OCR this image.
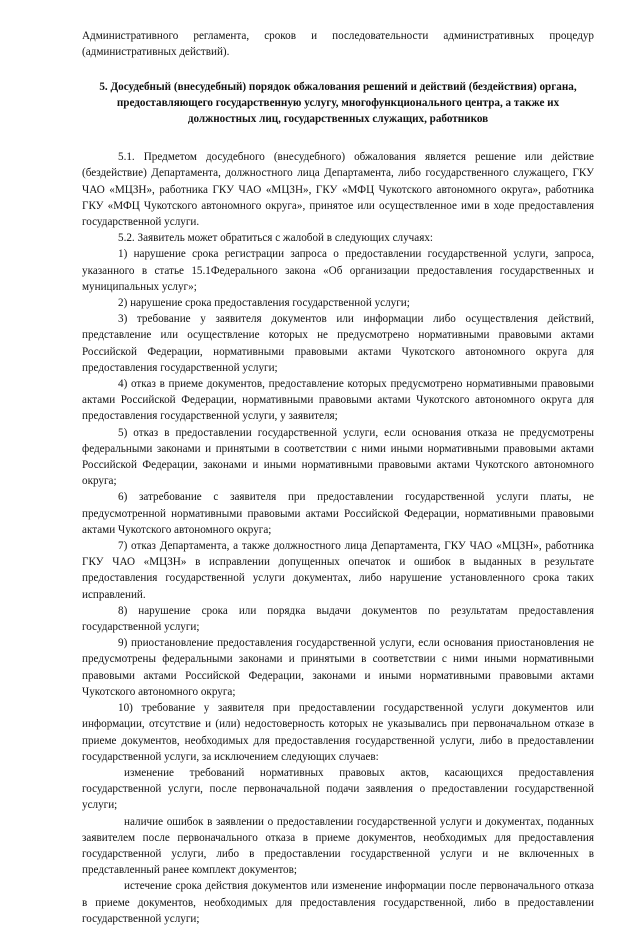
Административного регламента, сроков и последовательности административных процедур (административных действий).

5. Досудебный (внесудебный) порядок обжалования решений и действий (бездействия) органа, предоставляющего государственную услугу, многофункционального центра, а также их должностных лиц, государственных служащих, работников

5.1. Предметом досудебного (внесудебного) обжалования является решение или действие (бездействие) Департамента, должностного лица Департамента, либо государственного служащего, ГКУ ЧАО «МЦЗН», работника ГКУ ЧАО «МЦЗН», ГКУ «МФЦ Чукотского автономного округа», работника ГКУ «МФЦ Чукотского автономного округа», принятое или осуществленное ими в ходе предоставления государственной услуги.

5.2. Заявитель может обратиться с жалобой в следующих случаях:

1) нарушение срока регистрации запроса о предоставлении государственной услуги, запроса, указанного в статье 15.1Федерального закона «Об организации предоставления государственных и муниципальных услуг»;

2) нарушение срока предоставления государственной услуги;

3) требование у заявителя документов или информации либо осуществления действий, представление или осуществление которых не предусмотрено нормативными правовыми актами Российской Федерации, нормативными правовыми актами Чукотского автономного округа для предоставления государственной услуги;

4) отказ в приеме документов, предоставление которых предусмотрено нормативными правовыми актами Российской Федерации, нормативными правовыми актами Чукотского автономного округа для предоставления государственной услуги, у заявителя;

5) отказ в предоставлении государственной услуги, если основания отказа не предусмотрены федеральными законами и принятыми в соответствии с ними иными нормативными правовыми актами Российской Федерации, законами и иными нормативными правовыми актами Чукотского автономного округа;

6) затребование с заявителя при предоставлении государственной услуги платы, не предусмотренной нормативными правовыми актами Российской Федерации, нормативными правовыми актами Чукотского автономного округа;

7) отказ Департамента, а также должностного лица Департамента, ГКУ ЧАО «МЦЗН», работника ГКУ ЧАО «МЦЗН» в исправлении допущенных опечаток и ошибок в выданных в результате предоставления государственной услуги документах, либо нарушение установленного срока таких исправлений.

8) нарушение срока или порядка выдачи документов по результатам предоставления государственной услуги;

9) приостановление предоставления государственной услуги, если основания приостановления не предусмотрены федеральными законами и принятыми в соответствии с ними иными нормативными правовыми актами Российской Федерации, законами и иными нормативными правовыми актами Чукотского автономного округа;

10) требование у заявителя при предоставлении государственной услуги документов или информации, отсутствие и (или) недостоверность которых не указывались при первоначальном отказе в приеме документов, необходимых для предоставления государственной услуги, либо в предоставлении государственной услуги, за исключением следующих случаев:

изменение требований нормативных правовых актов, касающихся предоставления государственной услуги, после первоначальной подачи заявления о предоставлении государственной услуги;

наличие ошибок в заявлении о предоставлении государственной услуги и документах, поданных заявителем после первоначального отказа в приеме документов, необходимых для предоставления государственной услуги, либо в предоставлении государственной услуги и не включенных в представленный ранее комплект документов;

истечение срока действия документов или изменение информации после первоначального отказа в приеме документов, необходимых для предоставления государственной, либо в предоставлении государственной услуги;
